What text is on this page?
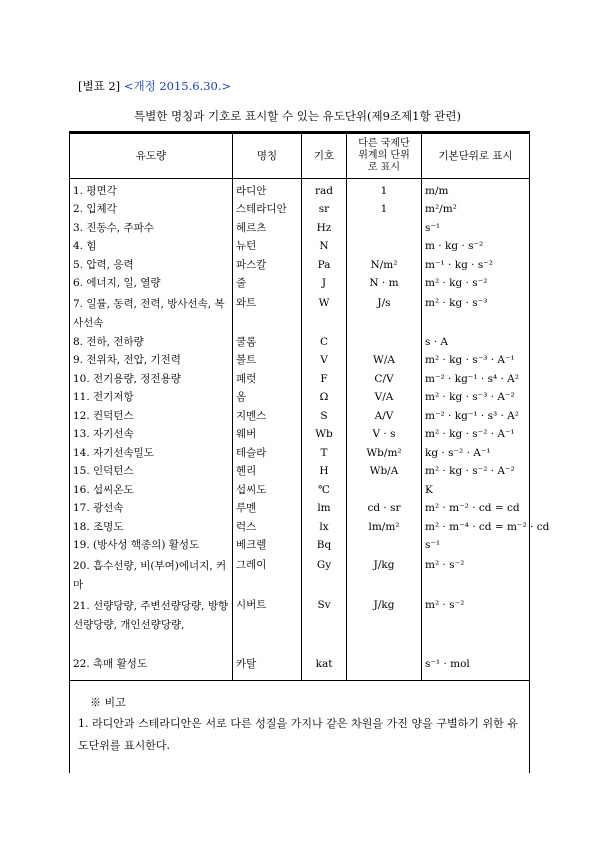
[별표 2] <개정 2015.6.30.>
특별한 명칭과 기호로 표시할 수 있는 유도단위(제9조제1항 관련)
유도량	명칭	기호	다른 국제단
위계의 단위
로 표시	기본단위로 표시
1. 평면각	라디안	rad	1	m/m
2. 입체각	스테라디안	sr	1	m²/m²
3. 진동수, 주파수	헤르츠	Hz		s⁻¹
4. 힘	뉴턴	N		m · kg · s⁻²
5. 압력, 응력	파스칼	Pa	N/m²	m⁻¹ · kg · s⁻²
6. 에너지, 일, 열량	줄	J	N · m	m² · kg · s⁻²
7. 일률, 동력, 전력, 방사선속, 복사선속	와트	W	J/s	m² · kg · s⁻³
8. 전하, 전하량	쿨롬	C		s · A
9. 전위차, 전압, 기전력	볼트	V	W/A	m² · kg · s⁻³ · A⁻¹
10. 전기용량, 정전용량	패럿	F	C/V	m⁻² · kg⁻¹ · s⁴ · A²
11. 전기저항	옴	Ω	V/A	m² · kg · s⁻³ · A⁻²
12. 컨덕턴스	지멘스	S	A/V	m⁻² · kg⁻¹ · s³ · A²
13. 자기선속	웨버	Wb	V · s	m² · kg · s⁻² · A⁻¹
14. 자기선속밀도	테슬라	T	Wb/m²	kg · s⁻² · A⁻¹
15. 인덕턴스	헨리	H	Wb/A	m² · kg · s⁻² · A⁻²
16. 섭씨온도	섭씨도	℃		K
17. 광선속	루멘	lm	cd · sr	m² · m⁻² · cd = cd
18. 조명도	럭스	lx	lm/m²	m² · m⁻⁴ · cd = m⁻² · cd
19. (방사성 핵종의) 활성도	베크렐	Bq		s⁻¹
20. 흡수선량, 비(부여)에너지, 커마	그레이	Gy	J/kg	m² · s⁻²
21. 선량당량, 주변선량당량, 방향선량당량, 개인선량당량,	시버트	Sv	J/kg	m² · s⁻²
22. 촉매 활성도	카탈	kat		s⁻¹ · mol
※ 비고
1. 라디안과 스테라디안은 서로 다른 성질을 가지나 같은 차원을 가진 양을 구별하기 위한 유도단위를 표시한다.
